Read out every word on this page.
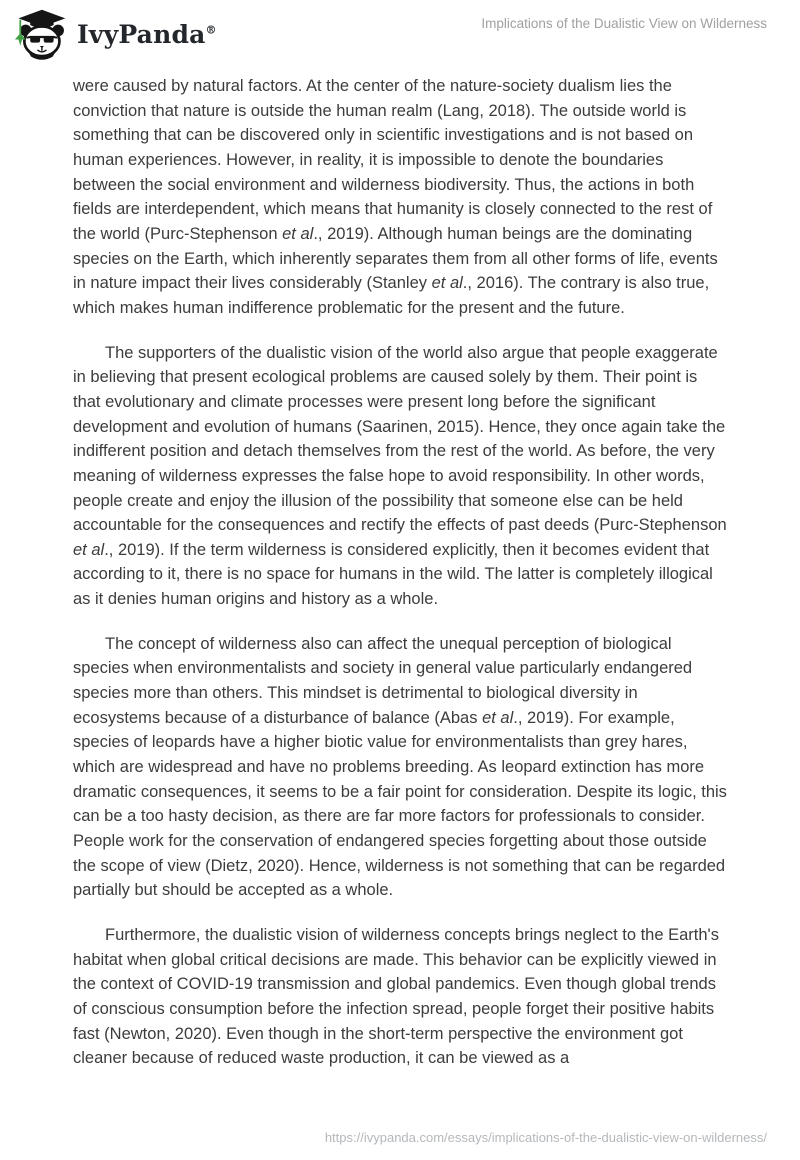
IvyPanda®	Implications of the Dualistic View on Wilderness

were caused by natural factors. At the center of the nature-society dualism lies the conviction that nature is outside the human realm (Lang, 2018). The outside world is something that can be discovered only in scientific investigations and is not based on human experiences. However, in reality, it is impossible to denote the boundaries between the social environment and wilderness biodiversity. Thus, the actions in both fields are interdependent, which means that humanity is closely connected to the rest of the world (Purc-Stephenson et al., 2019). Although human beings are the dominating species on the Earth, which inherently separates them from all other forms of life, events in nature impact their lives considerably (Stanley et al., 2016). The contrary is also true, which makes human indifference problematic for the present and the future.

The supporters of the dualistic vision of the world also argue that people exaggerate in believing that present ecological problems are caused solely by them. Their point is that evolutionary and climate processes were present long before the significant development and evolution of humans (Saarinen, 2015). Hence, they once again take the indifferent position and detach themselves from the rest of the world. As before, the very meaning of wilderness expresses the false hope to avoid responsibility. In other words, people create and enjoy the illusion of the possibility that someone else can be held accountable for the consequences and rectify the effects of past deeds (Purc-Stephenson et al., 2019). If the term wilderness is considered explicitly, then it becomes evident that according to it, there is no space for humans in the wild. The latter is completely illogical as it denies human origins and history as a whole.

The concept of wilderness also can affect the unequal perception of biological species when environmentalists and society in general value particularly endangered species more than others. This mindset is detrimental to biological diversity in ecosystems because of a disturbance of balance (Abas et al., 2019). For example, species of leopards have a higher biotic value for environmentalists than grey hares, which are widespread and have no problems breeding. As leopard extinction has more dramatic consequences, it seems to be a fair point for consideration. Despite its logic, this can be a too hasty decision, as there are far more factors for professionals to consider. People work for the conservation of endangered species forgetting about those outside the scope of view (Dietz, 2020). Hence, wilderness is not something that can be regarded partially but should be accepted as a whole.

Furthermore, the dualistic vision of wilderness concepts brings neglect to the Earth's habitat when global critical decisions are made. This behavior can be explicitly viewed in the context of COVID-19 transmission and global pandemics. Even though global trends of conscious consumption before the infection spread, people forget their positive habits fast (Newton, 2020). Even though in the short-term perspective the environment got cleaner because of reduced waste production, it can be viewed as a

https://ivypanda.com/essays/implications-of-the-dualistic-view-on-wilderness/
